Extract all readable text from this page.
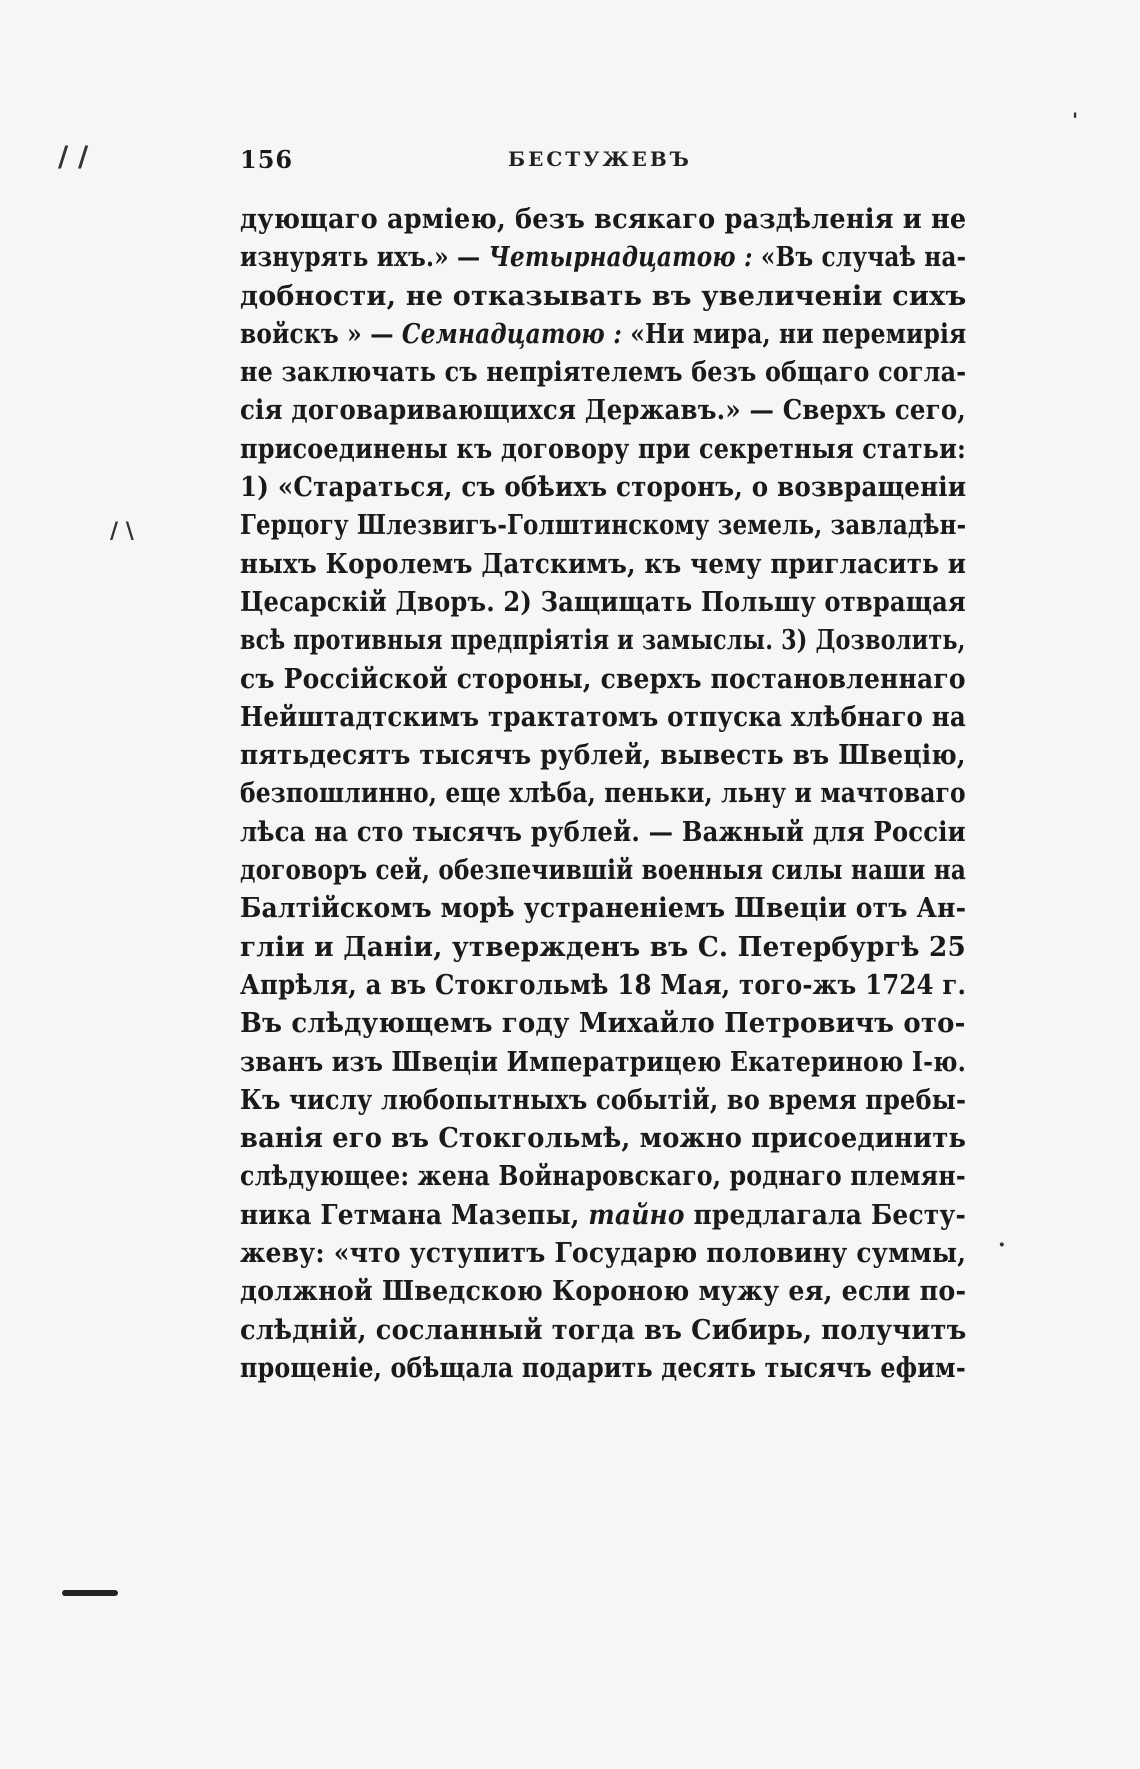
/ /
'
/ \
·
156	БЕСТУЖЕВЪ
дующаго арміею, безъ всякаго раздѣленія и не
изнурять ихъ.» — Четырнадцатою : «Въ случаѣ на-
добности, не отказывать въ увеличеніи сихъ
войскъ » — Семнадцатою : «Ни мира, ни перемирія
не заключать съ непріятелемъ безъ общаго согла-
сія договаривающихся Державъ.» — Сверхъ сего,
присоединены къ договору при секретныя статьи:
1) «Стараться, съ обѣихъ сторонъ, о возвращеніи
Герцогу Шлезвигъ-Голштинскому земель, завладѣн-
ныхъ Королемъ Датскимъ, къ чему пригласить и
Цесарскій Дворъ. 2) Защищать Польшу отвращая
всѣ противныя предпріятія и замыслы. 3) Дозволить,
съ Россійской стороны, сверхъ постановленнаго
Нейштадтскимъ трактатомъ отпуска хлѣбнаго на
пятьдесятъ тысячъ рублей, вывесть въ Швецію,
безпошлинно, еще хлѣба, пеньки, льну и мачтоваго
лѣса на сто тысячъ рублей. — Важный для Россіи
договоръ сей, обезпечившій военныя силы наши на
Балтійскомъ морѣ устраненіемъ Швеціи отъ Ан-
гліи и Даніи, утвержденъ въ С. Петербургѣ 25
Апрѣля, а въ Стокгольмѣ 18 Мая, того-жъ 1724 г.
Въ слѣдующемъ году Михайло Петровичъ ото-
званъ изъ Швеціи Императрицею Екатериною I-ю.
Къ числу любопытныхъ событій, во время пребы-
ванія его въ Стокгольмѣ, можно присоединить
слѣдующее: жена Войнаровскаго, роднаго племян-
ника Гетмана Мазепы, тайно предлагала Бесту-
жеву: «что уступитъ Государю половину суммы,
должной Шведскою Короною мужу ея, если по-
слѣдній, сосланный тогда въ Сибирь, получитъ
прощеніе, обѣщала подарить десять тысячъ ефим-
